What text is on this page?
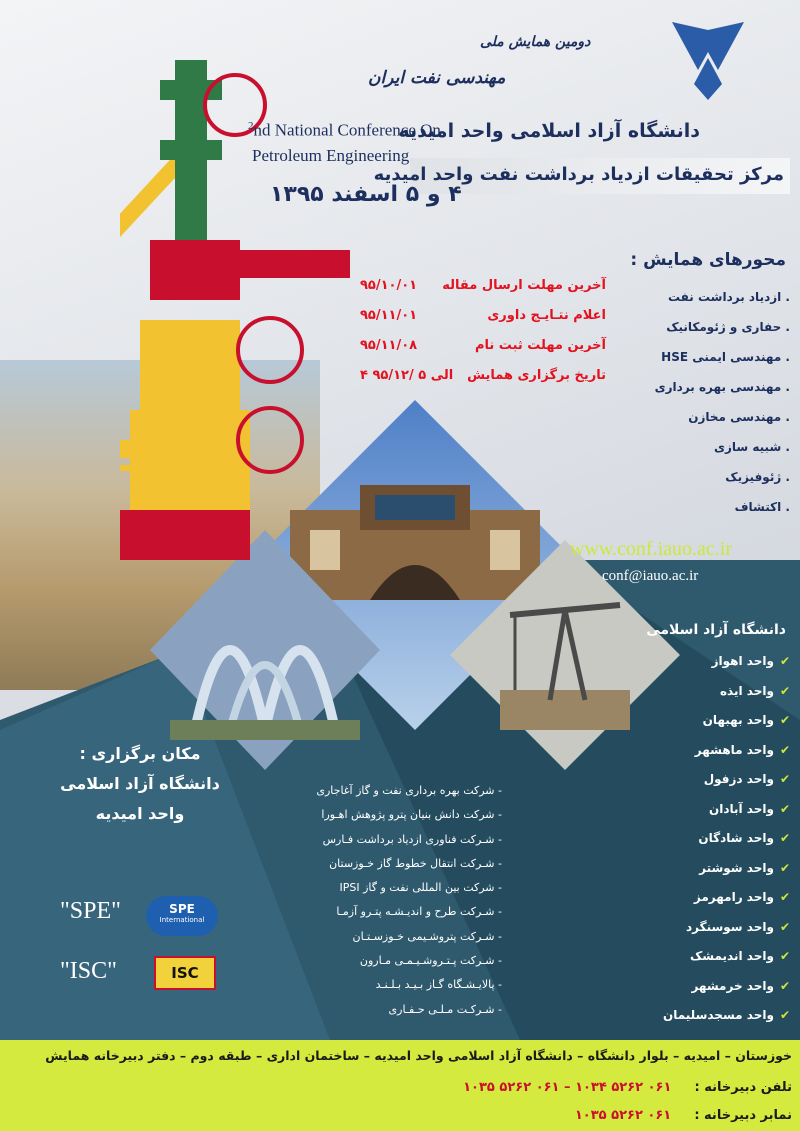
دانشگاه آزاد اسلامی واحد امیدیه
مرکز تحقیقات ازدیاد برداشت نفت واحد امیدیه
دومین همایش ملی
مهندسی نفت ایران
$^2$nd National Conference On
Petroleum Engineering
۴ و ۵ اسفند ۱۳۹۵
آخرین مهلت ارسال مقاله
۹۵/۱۰/۰۱
اعلام نتـایـج داوری
۹۵/۱۱/۰۱
آخرین مهلت ثبت نام
۹۵/۱۱/۰۸
تاریخ برگزاری همایش
۴ الی ۵ /۹۵/۱۲
محورهای همایش :
. ازدیاد برداشت نفت
. حفاری و ژئومکانیک
. مهندسی ایمنی HSE
. مهندسی بهره برداری
. مهندسی مخازن
. شبیه سازی
. ژئوفیزیک
. اکتشاف
www.conf.iauo.ac.ir
conf@iauo.ac.ir
دانشگاه آزاد اسلامی
✔واحد اهواز
✔واحد ایذه
✔واحد بهبهان
✔واحد ماهشهر
✔واحد دزفول
✔واحد آبادان
✔واحد شادگان
✔واحد شوشتر
✔واحد رامهرمز
✔واحد سوسنگرد
✔واحد اندیمشک
✔واحد خرمشهر
✔واحد مسجدسلیمان
مکان برگزاری :
دانشگاه آزاد اسلامی
واحد امیدیه
- شرکت بهره برداری نفت و گاز آغاجاری
- شرکت دانش بنیان پترو پژوهش اهـورا
- شـرکت فناوری ازدیاد برداشت فـارس
- شـرکت انتقال خطوط گاز خـوزستان
- شرکت بین المللی نفت و گاز IPSI
- شـرکت طرح و اندیـشـه پتـرو آزمـا
- شـرکت پتروشـیمی خـوزسـتـان
- شـرکت پـتـروشـیـمـی مـارون
- پالایـشـگاه گـاز بـیـد بـلـنـد
- شـرکـت مـلـی حـفـاری
"SPE"	SPE
International
"ISC"	ISC
خوزستان – امیدیه – بلوار دانشگاه – دانشگاه آزاد اسلامی واحد امیدیه – ساختمان اداری – طبقه دوم – دفتر دبیرخانه همایش
تلفن دبیرخانه : ۰۶۱ ۵۲۶۲ ۱۰۳۴ – ۰۶۱ ۵۲۶۲ ۱۰۳۵
نمابر دبیرخانه : ۰۶۱ ۵۲۶۲ ۱۰۳۵
